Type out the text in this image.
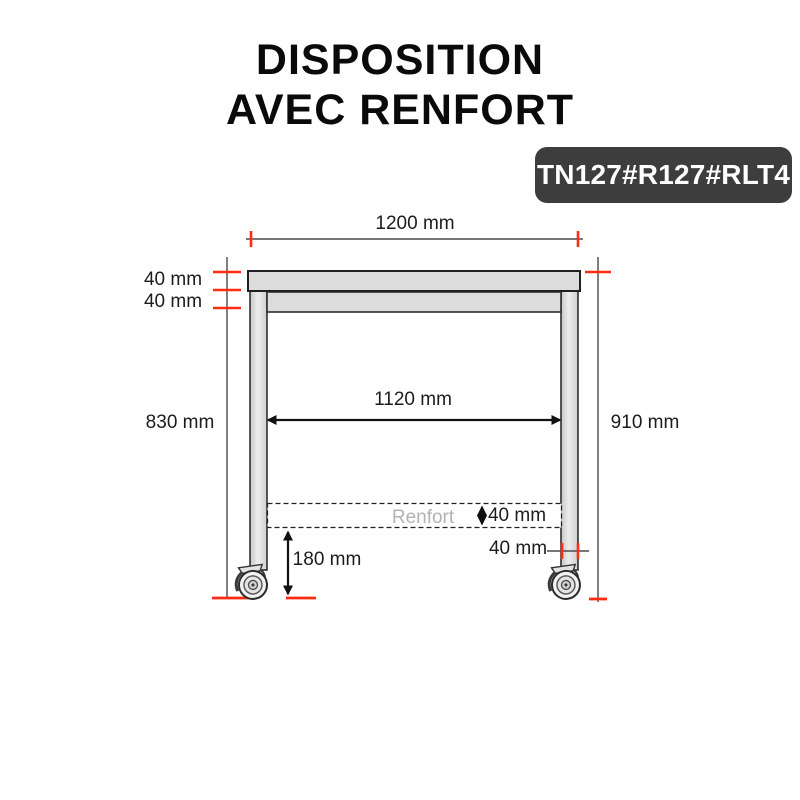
DISPOSITION
AVEC RENFORT
TN127#R127#RLT4
1200 mm
40 mm
40 mm
830 mm
1120 mm
910 mm
Renfort 40 mm
40 mm
180 mm
